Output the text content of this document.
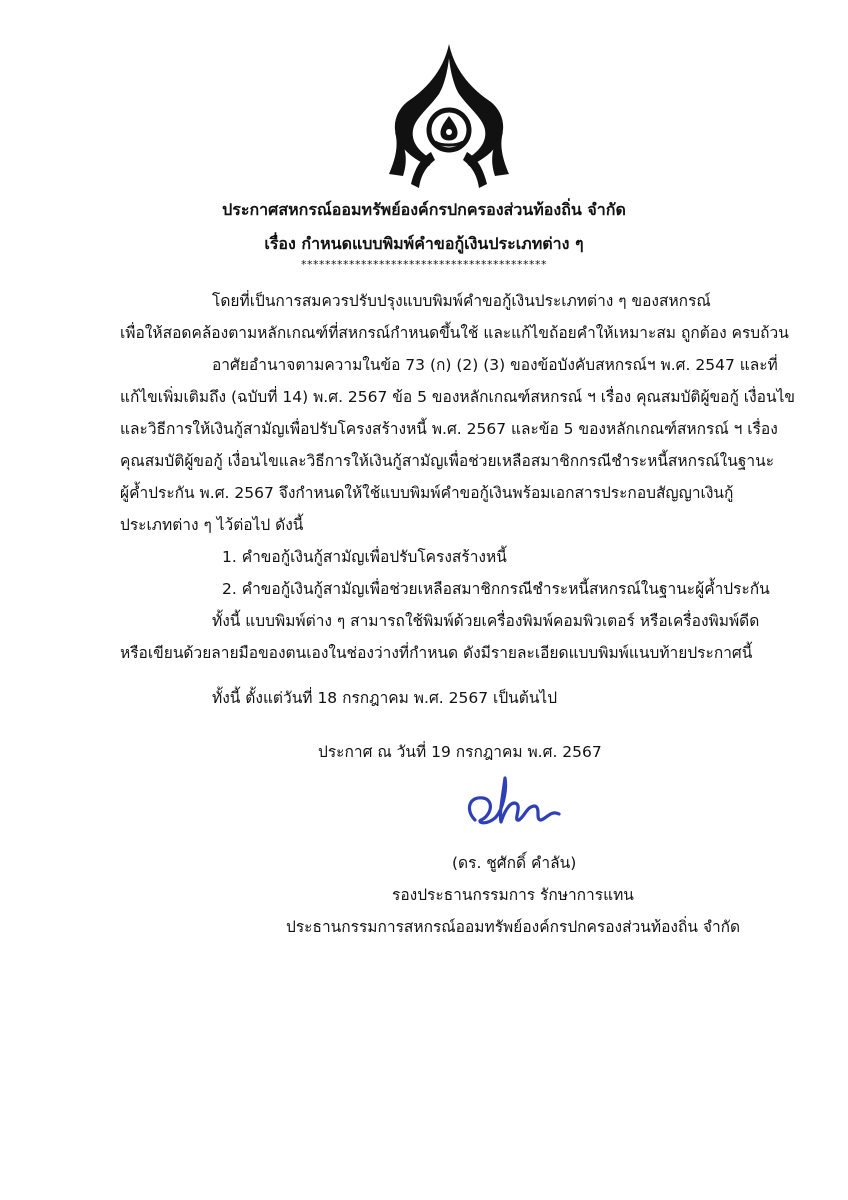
ประกาศสหกรณ์ออมทรัพย์องค์กรปกครองส่วนท้องถิ่น จำกัด
เรื่อง กำหนดแบบพิมพ์คำขอกู้เงินประเภทต่าง ๆ
*****************************************
โดยที่เป็นการสมควรปรับปรุงแบบพิมพ์คำขอกู้เงินประเภทต่าง ๆ ของสหกรณ์
เพื่อให้สอดคล้องตามหลักเกณฑ์ที่สหกรณ์กำหนดขึ้นใช้ และแก้ไขถ้อยคำให้เหมาะสม ถูกต้อง ครบถ้วน
อาศัยอำนาจตามความในข้อ 73 (ก) (2) (3) ของข้อบังคับสหกรณ์ฯ พ.ศ. 2547 และที่
แก้ไขเพิ่มเติมถึง (ฉบับที่ 14) พ.ศ. 2567 ข้อ 5 ของหลักเกณฑ์สหกรณ์ ฯ เรื่อง คุณสมบัติผู้ขอกู้ เงื่อนไข
และวิธีการให้เงินกู้สามัญเพื่อปรับโครงสร้างหนี้ พ.ศ. 2567 และข้อ 5 ของหลักเกณฑ์สหกรณ์ ฯ เรื่อง
คุณสมบัติผู้ขอกู้ เงื่อนไขและวิธีการให้เงินกู้สามัญเพื่อช่วยเหลือสมาชิกกรณีชำระหนี้สหกรณ์ในฐานะ
ผู้ค้ำประกัน พ.ศ. 2567 จึงกำหนดให้ใช้แบบพิมพ์คำขอกู้เงินพร้อมเอกสารประกอบสัญญาเงินกู้
ประเภทต่าง ๆ ไว้ต่อไป ดังนี้
1. คำขอกู้เงินกู้สามัญเพื่อปรับโครงสร้างหนี้
2. คำขอกู้เงินกู้สามัญเพื่อช่วยเหลือสมาชิกกรณีชำระหนี้สหกรณ์ในฐานะผู้ค้ำประกัน
ทั้งนี้ แบบพิมพ์ต่าง ๆ สามารถใช้พิมพ์ด้วยเครื่องพิมพ์คอมพิวเตอร์ หรือเครื่องพิมพ์ดีด
หรือเขียนด้วยลายมือของตนเองในช่องว่างที่กำหนด ดังมีรายละเอียดแบบพิมพ์แนบท้ายประกาศนี้
ทั้งนี้ ตั้งแต่วันที่ 18 กรกฎาคม พ.ศ. 2567 เป็นต้นไป
ประกาศ ณ วันที่ 19 กรกฎาคม พ.ศ. 2567
(ดร. ชูศักดิ์ คำลัน)
รองประธานกรรมการ รักษาการแทน
ประธานกรรมการสหกรณ์ออมทรัพย์องค์กรปกครองส่วนท้องถิ่น จำกัด
